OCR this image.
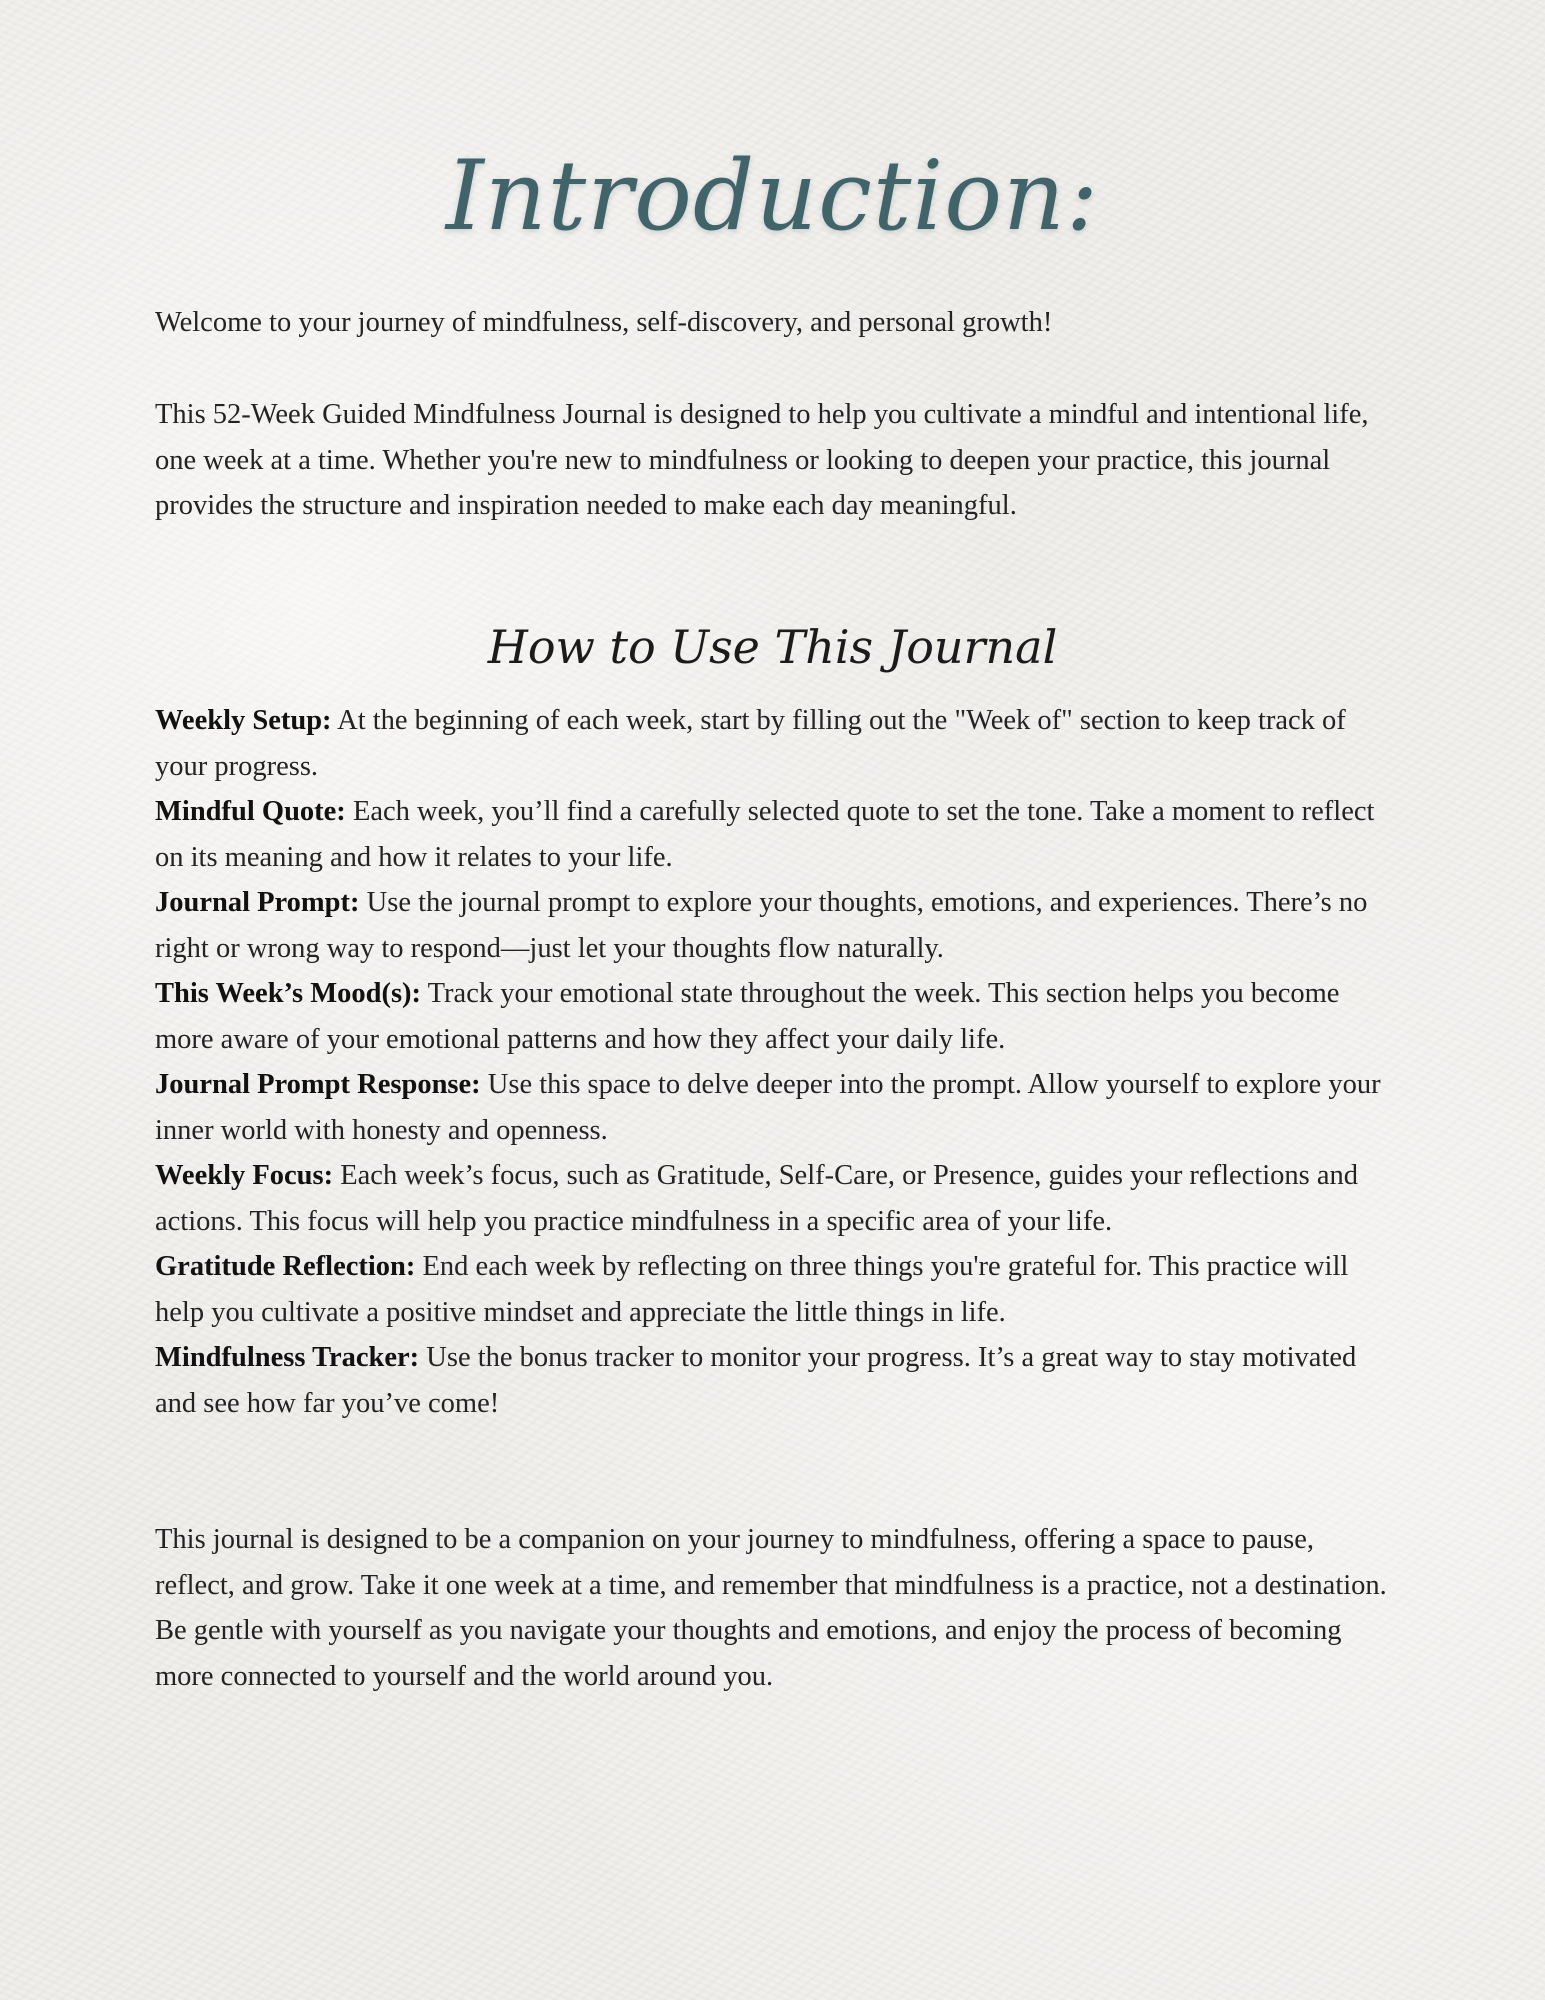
Introduction:

Welcome to your journey of mindfulness, self-discovery, and personal growth!

This 52-Week Guided Mindfulness Journal is designed to help you cultivate a mindful and intentional life, one week at a time. Whether you're new to mindfulness or looking to deepen your practice, this journal provides the structure and inspiration needed to make each day meaningful.

How to Use This Journal
Weekly Setup: At the beginning of each week, start by filling out the "Week of" section to keep track of your progress.
Mindful Quote: Each week, you’ll find a carefully selected quote to set the tone. Take a moment to reflect on its meaning and how it relates to your life.
Journal Prompt: Use the journal prompt to explore your thoughts, emotions, and experiences. There’s no right or wrong way to respond—just let your thoughts flow naturally.
This Week’s Mood(s): Track your emotional state throughout the week. This section helps you become more aware of your emotional patterns and how they affect your daily life.
Journal Prompt Response: Use this space to delve deeper into the prompt. Allow yourself to explore your inner world with honesty and openness.
Weekly Focus: Each week’s focus, such as Gratitude, Self-Care, or Presence, guides your reflections and actions. This focus will help you practice mindfulness in a specific area of your life.
Gratitude Reflection: End each week by reflecting on three things you're grateful for. This practice will help you cultivate a positive mindset and appreciate the little things in life.
Mindfulness Tracker: Use the bonus tracker to monitor your progress. It’s a great way to stay motivated and see how far you’ve come!

This journal is designed to be a companion on your journey to mindfulness, offering a space to pause, reflect, and grow. Take it one week at a time, and remember that mindfulness is a practice, not a destination. Be gentle with yourself as you navigate your thoughts and emotions, and enjoy the process of becoming more connected to yourself and the world around you.
